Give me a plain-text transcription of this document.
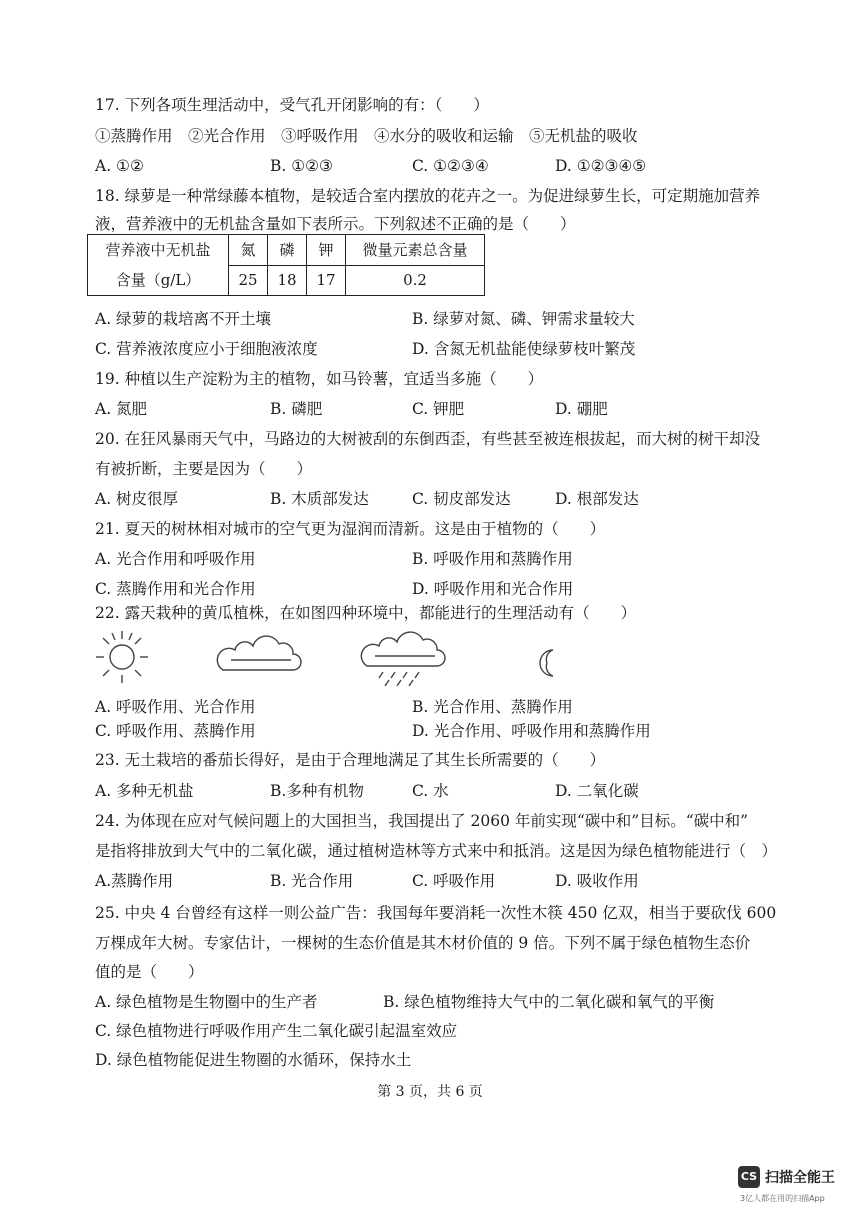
17. 下列各项生理活动中，受气孔开闭影响的有：（　　）
①蒸腾作用　②光合作用　③呼吸作用　④水分的吸收和运输　⑤无机盐的吸收
A. ①②	B. ①②③	C. ①②③④	D. ①②③④⑤
18. 绿萝是一种常绿藤本植物，是较适合室内摆放的花卉之一。为促进绿萝生长，可定期施加营养
液，营养液中的无机盐含量如下表所示。下列叙述不正确的是（　　）
营养液中无机盐
含量（g/L）	氮	磷	钾	微量元素总含量
	25	18	17	0.2
A. 绿萝的栽培离不开土壤	B. 绿萝对氮、磷、钾需求量较大
C. 营养液浓度应小于细胞液浓度	D. 含氮无机盐能使绿萝枝叶繁茂
19. 种植以生产淀粉为主的植物，如马铃薯，宜适当多施（　　）
A. 氮肥	B. 磷肥	C. 钾肥	D. 硼肥
20. 在狂风暴雨天气中，马路边的大树被刮的东倒西歪，有些甚至被连根拔起，而大树的树干却没
有被折断，主要是因为（　　）
A. 树皮很厚	B. 木质部发达	C. 韧皮部发达	D. 根部发达
21. 夏天的树林相对城市的空气更为湿润而清新。这是由于植物的（　　）
A. 光合作用和呼吸作用	B. 呼吸作用和蒸腾作用
C. 蒸腾作用和光合作用	D. 呼吸作用和光合作用
22. 露天栽种的黄瓜植株，在如图四种环境中，都能进行的生理活动有（　　）
A. 呼吸作用、光合作用	B. 光合作用、蒸腾作用
C. 呼吸作用、蒸腾作用	D. 光合作用、呼吸作用和蒸腾作用
23. 无土栽培的番茄长得好，是由于合理地满足了其生长所需要的（　　）
A. 多种无机盐	B.多种有机物	C. 水	D. 二氧化碳
24. 为体现在应对气候问题上的大国担当，我国提出了 2060 年前实现“碳中和”目标。“碳中和”
是指将排放到大气中的二氧化碳，通过植树造林等方式来中和抵消。这是因为绿色植物能进行（　）
A.蒸腾作用	B. 光合作用	C. 呼吸作用	D. 吸收作用
25. 中央 4 台曾经有这样一则公益广告：我国每年要消耗一次性木筷 450 亿双，相当于要砍伐 600
万棵成年大树。专家估计，一棵树的生态价值是其木材价值的 9 倍。下列不属于绿色植物生态价
值的是（　　）
A. 绿色植物是生物圈中的生产者	B. 绿色植物维持大气中的二氧化碳和氧气的平衡
C. 绿色植物进行呼吸作用产生二氧化碳引起温室效应
D. 绿色植物能促进生物圈的水循环，保持水土
第 3 页，共 6 页
CS 扫描全能王
3亿人都在用的扫描App
